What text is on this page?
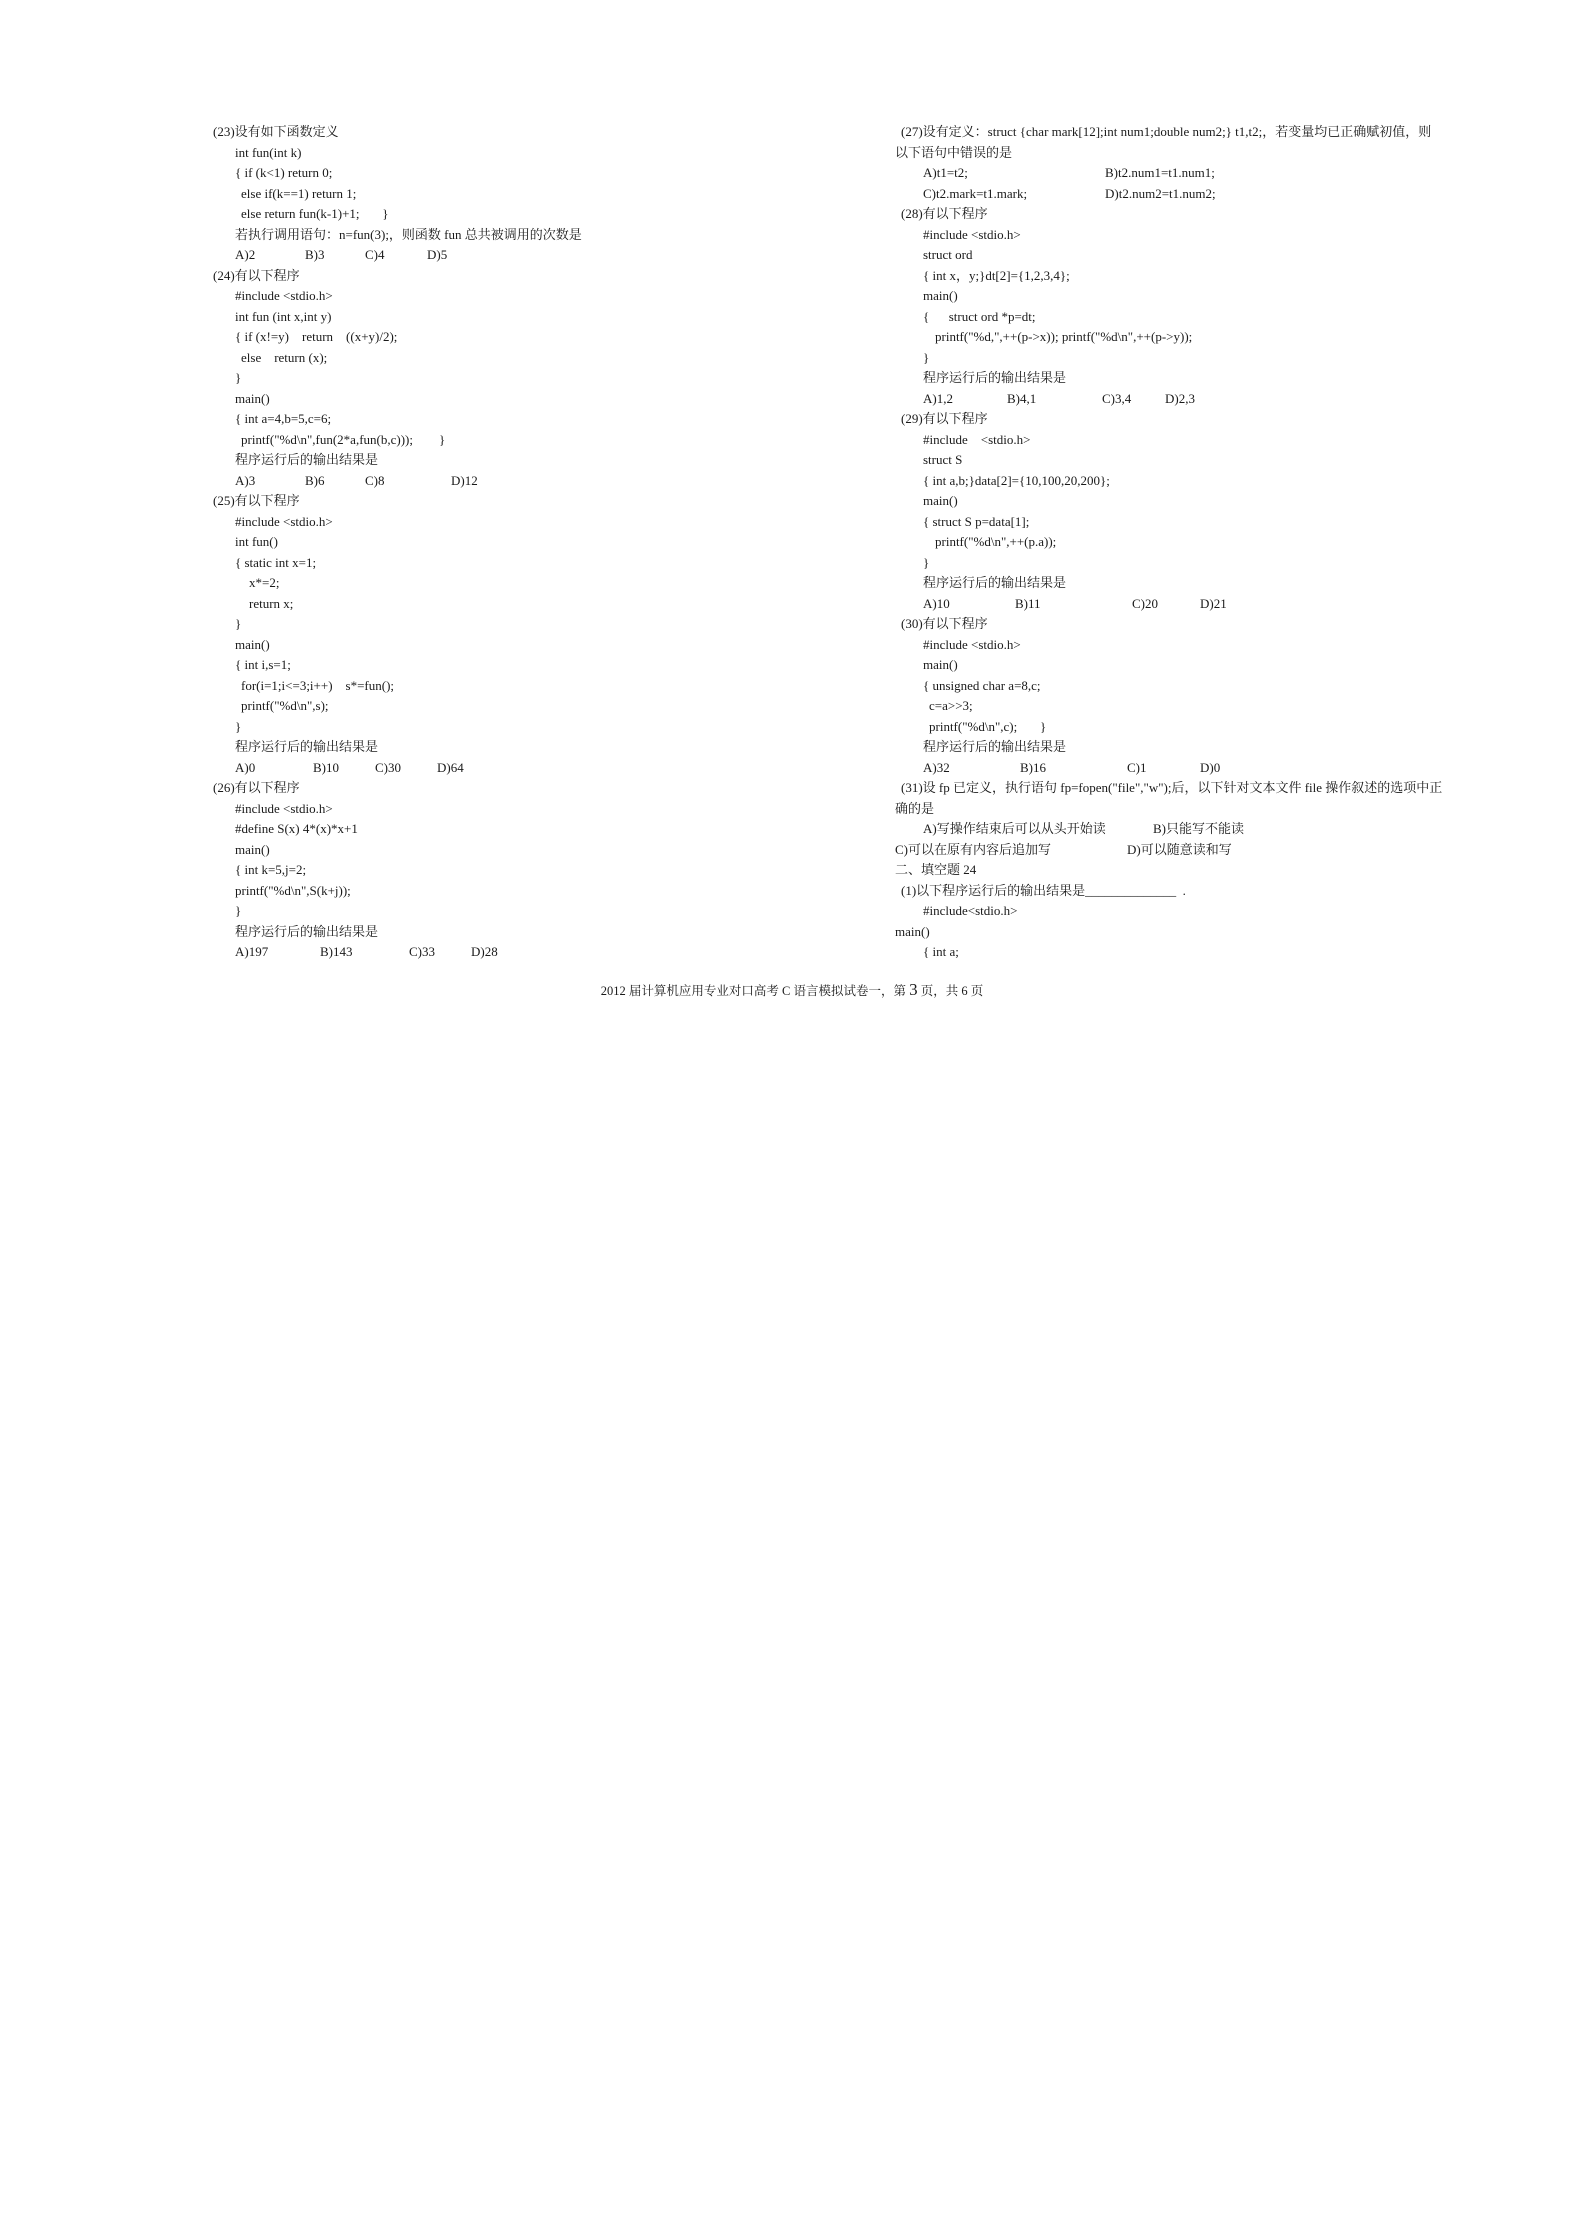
(23)设有如下函数定义
int fun(int k)
{ if (k<1) return 0;
else if(k==1) return 1;
else return fun(k-1)+1;       }
若执行调用语句：n=fun(3);，则函数 fun 总共被调用的次数是
A)2	B)3	C)4	D)5
(24)有以下程序
#include <stdio.h>
int fun (int x,int y)
{ if (x!=y)    return    ((x+y)/2);
else    return (x);
}
main()
{ int a=4,b=5,c=6;
printf("%d\n",fun(2*a,fun(b,c)));        }
程序运行后的输出结果是
A)3	B)6	C)8	D)12
(25)有以下程序
#include <stdio.h>
int fun()
{ static int x=1;
x*=2;
return x;
}
main()
{ int i,s=1;
for(i=1;i<=3;i++)    s*=fun();
printf("%d\n",s);
}
程序运行后的输出结果是
A)0	B)10	C)30	D)64
(26)有以下程序
#include <stdio.h>
#define S(x) 4*(x)*x+1
main()
{ int k=5,j=2;
printf("%d\n",S(k+j));
}
程序运行后的输出结果是
A)197	B)143	C)33	D)28
(27)设有定义：struct {char mark[12];int num1;double num2;} t1,t2;，若变量均已正确赋初值，则
以下语句中错误的是
A)t1=t2;	B)t2.num1=t1.num1;
C)t2.mark=t1.mark;	D)t2.num2=t1.num2;
(28)有以下程序
#include <stdio.h>
struct ord
{ int x，y;}dt[2]={1,2,3,4};
main()
{      struct ord *p=dt;
printf("%d,",++(p->x)); printf("%d\n",++(p->y));
}
程序运行后的输出结果是
A)1,2	B)4,1	C)3,4	D)2,3
(29)有以下程序
#include    <stdio.h>
struct S
{ int a,b;}data[2]={10,100,20,200};
main()
{ struct S p=data[1];
printf("%d\n",++(p.a));
}
程序运行后的输出结果是
A)10	B)11	C)20	D)21
(30)有以下程序
#include <stdio.h>
main()
{ unsigned char a=8,c;
c=a>>3;
printf("%d\n",c);       }
程序运行后的输出结果是
A)32	B)16	C)1	D)0
(31)设 fp 已定义，执行语句 fp=fopen("file","w");后，以下针对文本文件 file 操作叙述的选项中正
确的是
A)写操作结束后可以从头开始读	B)只能写不能读
C)可以在原有内容后追加写	D)可以随意读和写
二、填空题 24
(1)以下程序运行后的输出结果是______________  .
#include<stdio.h>
main()
{ int a;
2012 届计算机应用专业对口高考 C 语言模拟试卷一，第 3 页，共 6 页
